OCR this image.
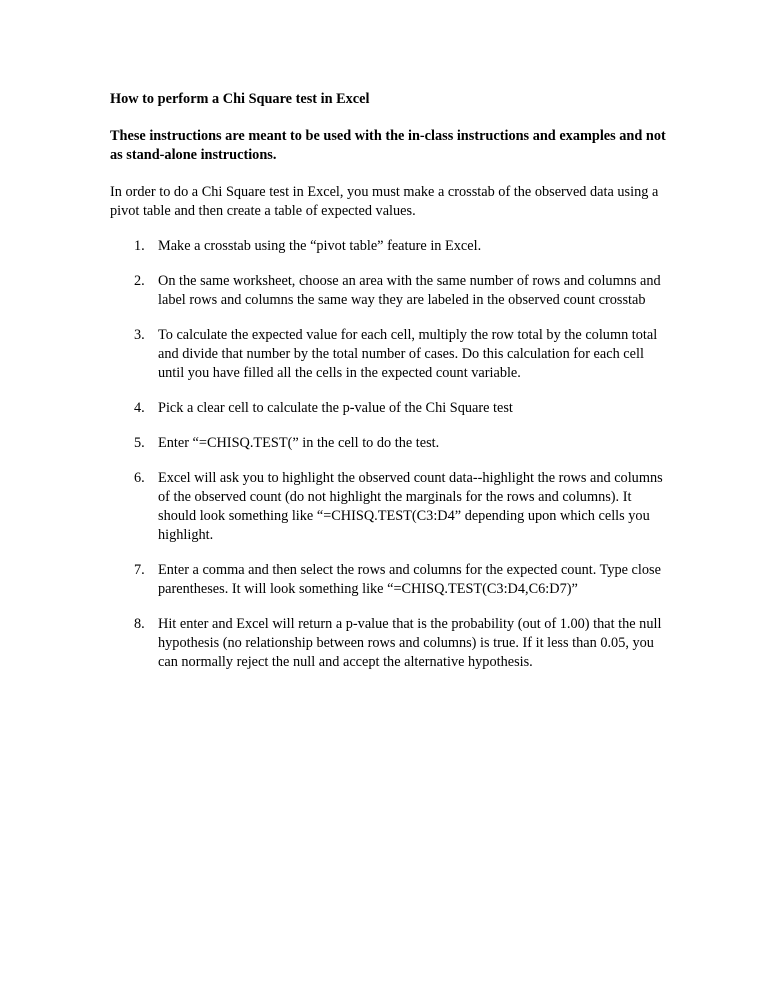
How to perform a Chi Square test in Excel

These instructions are meant to be used with the in-class instructions and examples and not as stand-alone instructions.

In order to do a Chi Square test in Excel, you must make a crosstab of the observed data using a pivot table and then create a table of expected values.

1. Make a crosstab using the “pivot table” feature in Excel.
2. On the same worksheet, choose an area with the same number of rows and columns and label rows and columns the same way they are labeled in the observed count crosstab
3. To calculate the expected value for each cell, multiply the row total by the column total and divide that number by the total number of cases. Do this calculation for each cell until you have filled all the cells in the expected count variable.
4. Pick a clear cell to calculate the p-value of the Chi Square test
5. Enter “=CHISQ.TEST(” in the cell to do the test.
6. Excel will ask you to highlight the observed count data--highlight the rows and columns of the observed count (do not highlight the marginals for the rows and columns). It should look something like “=CHISQ.TEST(C3:D4” depending upon which cells you highlight.
7. Enter a comma and then select the rows and columns for the expected count. Type close parentheses. It will look something like “=CHISQ.TEST(C3:D4,C6:D7)”
8. Hit enter and Excel will return a p-value that is the probability (out of 1.00) that the null hypothesis (no relationship between rows and columns) is true. If it less than 0.05, you can normally reject the null and accept the alternative hypothesis.
